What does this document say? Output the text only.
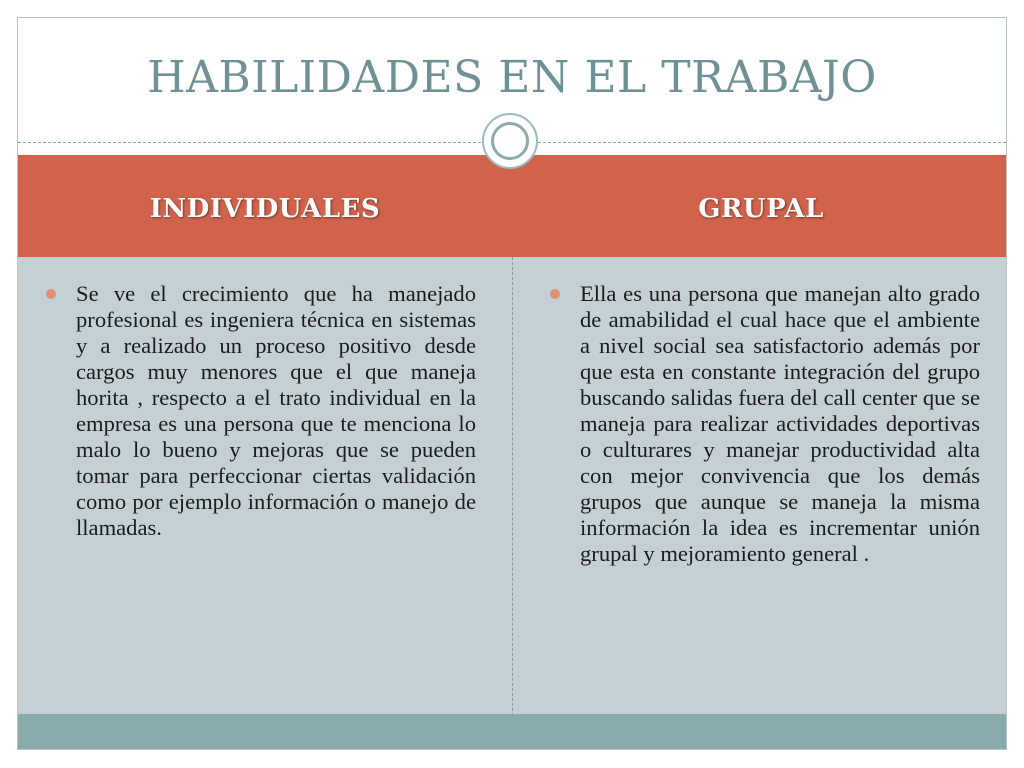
HABILIDADES EN EL TRABAJO
INDIVIDUALES	GRUPAL
Se ve el crecimiento que ha manejado profesional es ingeniera técnica en sistemas y a realizado un proceso positivo desde cargos muy menores que el que maneja horita , respecto a el trato individual en la empresa es una persona que te menciona lo malo lo bueno y mejoras que se pueden tomar para perfeccionar ciertas validación como por ejemplo información o manejo de llamadas.
Ella es una persona que manejan alto grado de amabilidad el cual hace que el ambiente a nivel social sea satisfactorio además por que esta en constante integración del grupo buscando salidas fuera del call center que se maneja para realizar actividades deportivas o culturares y manejar productividad alta con mejor convivencia que los demás grupos que aunque se maneja la misma información la idea es incrementar unión grupal y mejoramiento general .
